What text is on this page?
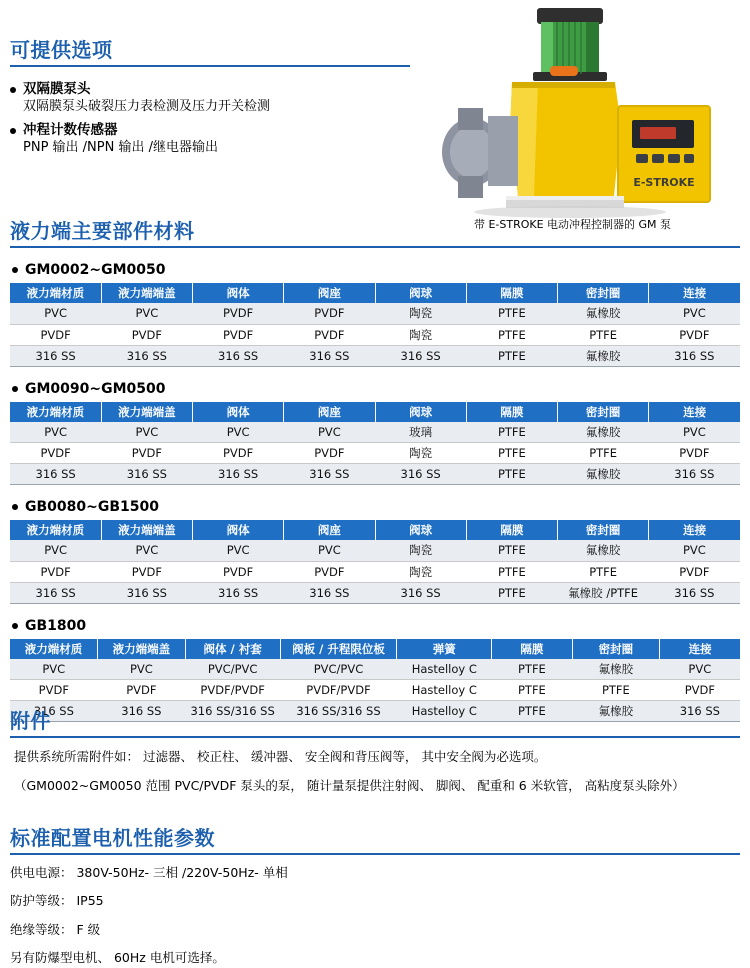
可提供选项
双隔膜泵头
双隔膜泵头破裂压力表检测及压力开关检测
冲程计数传感器
PNP 输出 /NPN 输出 /继电器输出
E-STROKE
带 E-STROKE 电动冲程控制器的 GM 泵
液力端主要部件材料
GM0002~GM0050
液力端材质	液力端端盖	阀体	阀座	阀球	隔膜	密封圈	连接
PVC	PVC	PVDF	PVDF	陶瓷	PTFE	氟橡胶	PVC
PVDF	PVDF	PVDF	PVDF	陶瓷	PTFE	PTFE	PVDF
316 SS	316 SS	316 SS	316 SS	316 SS	PTFE	氟橡胶	316 SS
GM0090~GM0500
液力端材质	液力端端盖	阀体	阀座	阀球	隔膜	密封圈	连接
PVC	PVC	PVC	PVC	玻璃	PTFE	氟橡胶	PVC
PVDF	PVDF	PVDF	PVDF	陶瓷	PTFE	PTFE	PVDF
316 SS	316 SS	316 SS	316 SS	316 SS	PTFE	氟橡胶	316 SS
GB0080~GB1500
液力端材质	液力端端盖	阀体	阀座	阀球	隔膜	密封圈	连接
PVC	PVC	PVC	PVC	陶瓷	PTFE	氟橡胶	PVC
PVDF	PVDF	PVDF	PVDF	陶瓷	PTFE	PTFE	PVDF
316 SS	316 SS	316 SS	316 SS	316 SS	PTFE	氟橡胶 /PTFE	316 SS
GB1800
液力端材质	液力端端盖	阀体 / 衬套	阀板 / 升程限位板	弹簧	隔膜	密封圈	连接
PVC	PVC	PVC/PVC	PVC/PVC	Hastelloy C	PTFE	氟橡胶	PVC
PVDF	PVDF	PVDF/PVDF	PVDF/PVDF	Hastelloy C	PTFE	PTFE	PVDF
316 SS	316 SS	316 SS/316 SS	316 SS/316 SS	Hastelloy C	PTFE	氟橡胶	316 SS
附件

提供系统所需附件如： 过滤器、 校正柱、 缓冲器、 安全阀和背压阀等， 其中安全阀为必选项。

（GM0002~GM0050 范围 PVC/PVDF 泵头的泵， 随计量泵提供注射阀、 脚阀、 配重和 6 米软管， 高粘度泵头除外）

标准配置电机性能参数

供电电源： 380V-50Hz- 三相 /220V-50Hz- 单相

防护等级： IP55

绝缘等级： F 级

另有防爆型电机、 60Hz 电机可选择。
